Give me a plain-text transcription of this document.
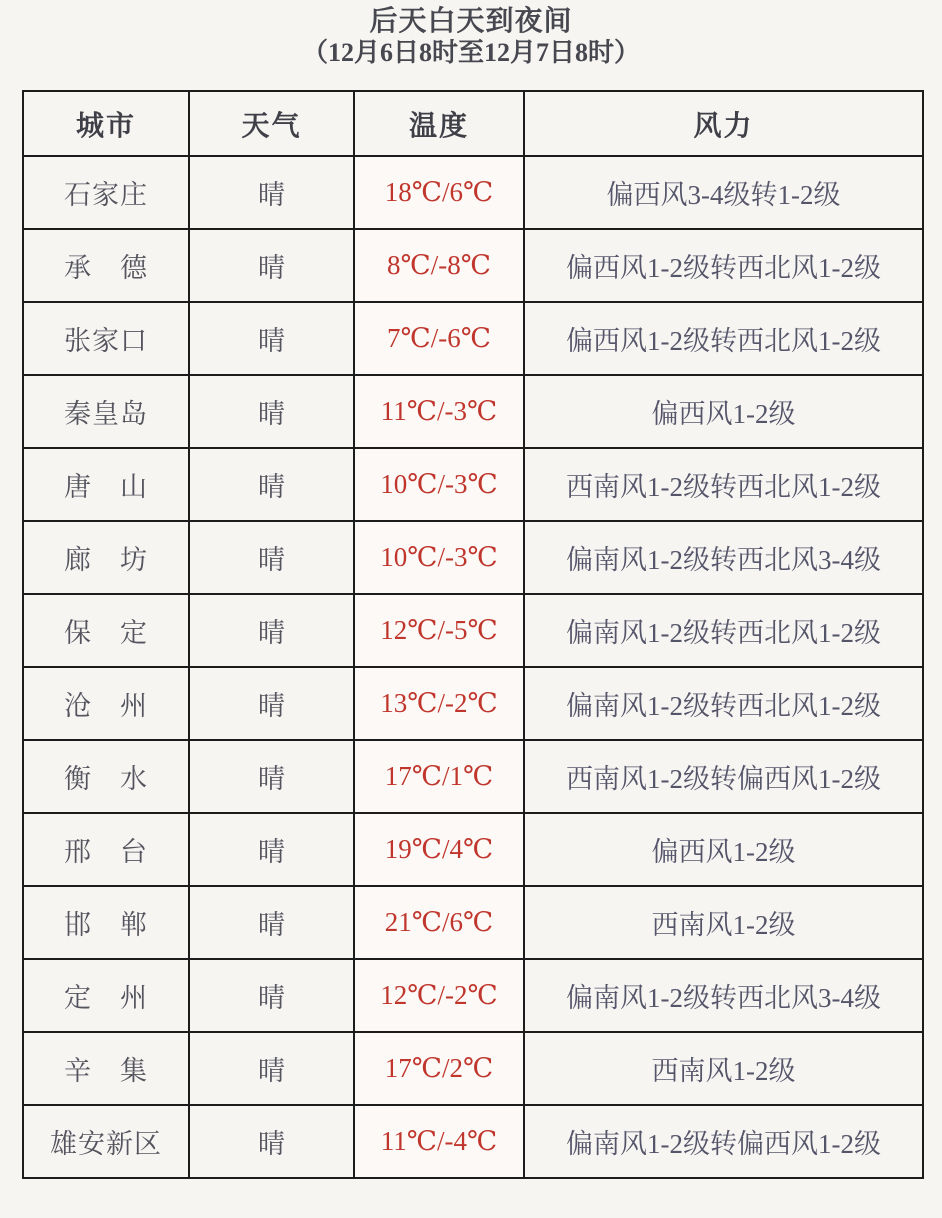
后天白天到夜间
（12月6日8时至12月7日8时）
城市	天气	温度	风力
石家庄	晴	18℃/6℃	偏西风3-4级转1-2级
承　德	晴	8℃/-8℃	偏西风1-2级转西北风1-2级
张家口	晴	7℃/-6℃	偏西风1-2级转西北风1-2级
秦皇岛	晴	11℃/-3℃	偏西风1-2级
唐　山	晴	10℃/-3℃	西南风1-2级转西北风1-2级
廊　坊	晴	10℃/-3℃	偏南风1-2级转西北风3-4级
保　定	晴	12℃/-5℃	偏南风1-2级转西北风1-2级
沧　州	晴	13℃/-2℃	偏南风1-2级转西北风1-2级
衡　水	晴	17℃/1℃	西南风1-2级转偏西风1-2级
邢　台	晴	19℃/4℃	偏西风1-2级
邯　郸	晴	21℃/6℃	西南风1-2级
定　州	晴	12℃/-2℃	偏南风1-2级转西北风3-4级
辛　集	晴	17℃/2℃	西南风1-2级
雄安新区	晴	11℃/-4℃	偏南风1-2级转偏西风1-2级
